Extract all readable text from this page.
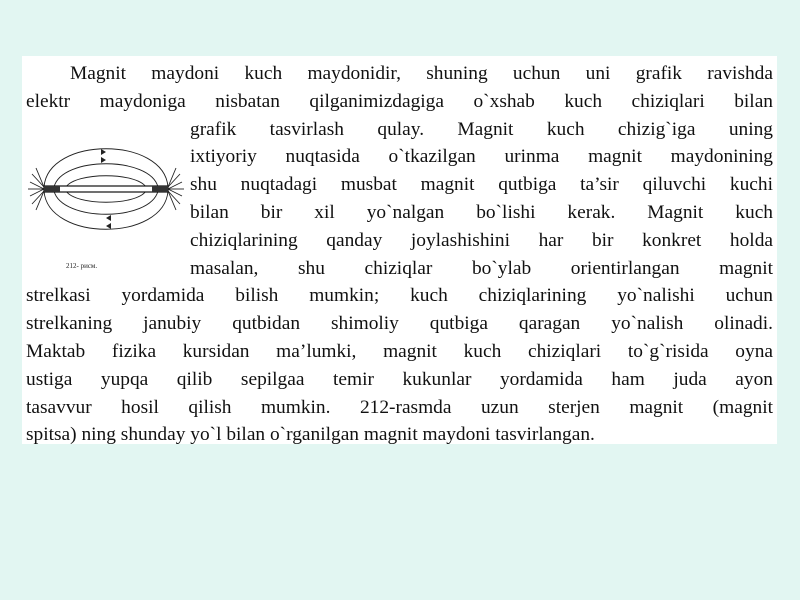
Magnit maydoni kuch maydonidir, shuning uchun uni grafik ravishda
elektr maydoniga nisbatan qilganimizdagiga o`xshab kuch chiziqlari bilan
grafik tasvirlash qulay. Magnit kuch chizig`iga uning
ixtiyoriy nuqtasida o`tkazilgan urinma magnit maydonining
shu nuqtadagi musbat magnit qutbiga ta’sir qiluvchi kuchi
bilan bir xil yo`nalgan bo`lishi kerak. Magnit kuch
chiziqlarining qanday joylashishini har bir konkret holda
masalan, shu chiziqlar bo`ylab orientirlangan magnit
strelkasi yordamida bilish mumkin; kuch chiziqlarining yo`nalishi uchun
strelkaning janubiy qutbidan shimoliy qutbiga qaragan yo`nalish olinadi.
Maktab fizika kursidan ma’lumki, magnit kuch chiziqlari to`g`risida oyna
ustiga yupqa qilib sepilgaa temir kukunlar yordamida ham juda ayon
tasavvur hosil qilish mumkin. 212-rasmda uzun sterjen magnit (magnit
spitsa) ning shunday yo`l bilan o`rganilgan magnit maydoni tasvirlangan.
212- рисм.
